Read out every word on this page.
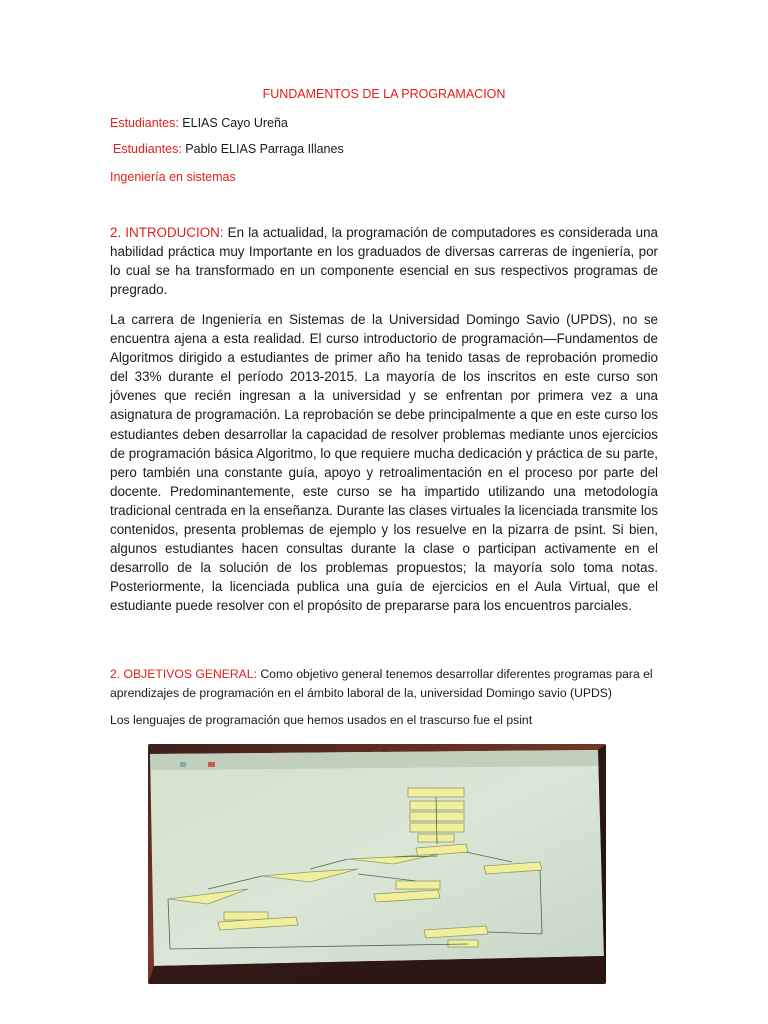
FUNDAMENTOS DE LA PROGRAMACION
Estudiantes: ELIAS Cayo Ureña
Estudiantes: Pablo ELIAS Parraga Illanes
Ingeniería en sistemas
2. INTRODUCION: En la actualidad, la programación de computadores es considerada una habilidad práctica muy Importante en los graduados de diversas carreras de ingeniería, por lo cual se ha transformado en un componente esencial en sus respectivos programas de pregrado.
La carrera de Ingeniería en Sistemas de la Universidad Domingo Savio (UPDS), no se encuentra ajena a esta realidad. El curso introductorio de programación—Fundamentos de Algoritmos dirigido a estudiantes de primer año ha tenido tasas de reprobación promedio del 33% durante el período 2013-2015. La mayoría de los inscritos en este curso son jóvenes que recién ingresan a la universidad y se enfrentan por primera vez a una asignatura de programación. La reprobación se debe principalmente a que en este curso los estudiantes deben desarrollar la capacidad de resolver problemas mediante unos ejercicios de programación básica Algoritmo, lo que requiere mucha dedicación y práctica de su parte, pero también una constante guía, apoyo y retroalimentación en el proceso por parte del docente. Predominantemente, este curso se ha impartido utilizando una metodología tradicional centrada en la enseñanza. Durante las clases virtuales la licenciada transmite los contenidos, presenta problemas de ejemplo y los resuelve en la pizarra de psint. Si bien, algunos estudiantes hacen consultas durante la clase o participan activamente en el desarrollo de la solución de los problemas propuestos; la mayoría solo toma notas. Posteriormente, la licenciada publica una guía de ejercicios en el Aula Virtual, que el estudiante puede resolver con el propósito de prepararse para los encuentros parciales.
2. OBJETIVOS GENERAL: Como objetivo general tenemos desarrollar diferentes programas para el aprendizajes de programación en el ámbito laboral de la, universidad Domingo savio (UPDS)
Los lenguajes de programación que hemos usados en el trascurso fue el psint
